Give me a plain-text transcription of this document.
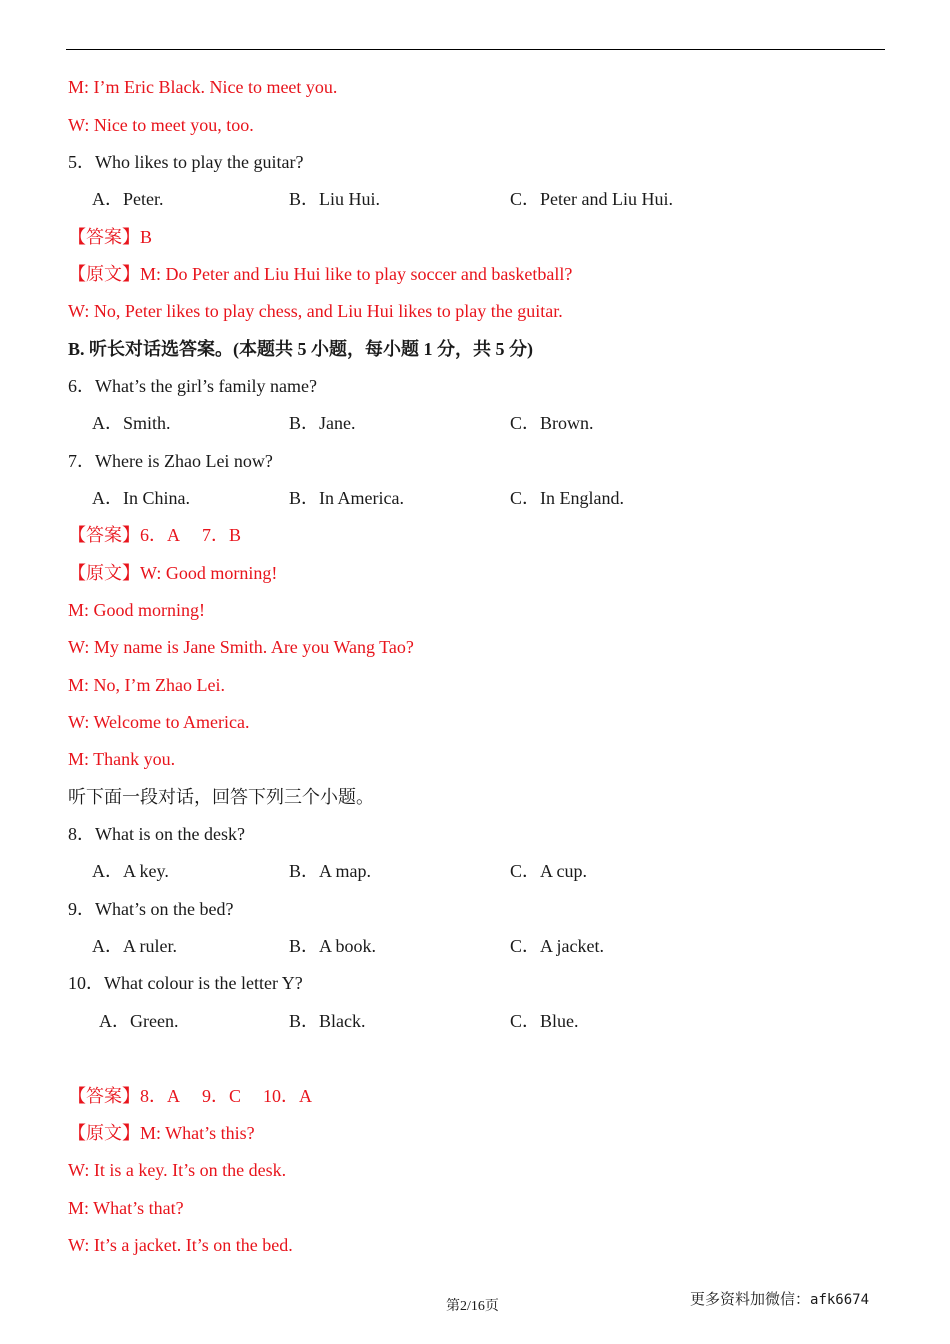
M: I’m Eric Black. Nice to meet you.
W: Nice to meet you, too.
5．Who likes to play the guitar?
A．Peter.	B．Liu Hui.	C．Peter and Liu Hui.
【答案】B
【原文】M: Do Peter and Liu Hui like to play soccer and basketball?
W: No, Peter likes to play chess, and Liu Hui likes to play the guitar.
B. 听长对话选答案。(本题共 5 小题，每小题 1 分，共 5 分)
6．What’s the girl’s family name?
A．Smith.	B．Jane.	C．Brown.
7．Where is Zhao Lei now?
A．In China.	B．In America.	C．In England.
【答案】6．A 7．B
【原文】W: Good morning!
M: Good morning!
W: My name is Jane Smith. Are you Wang Tao?
M: No, I’m Zhao Lei.
W: Welcome to America.
M: Thank you.
听下面一段对话，回答下列三个小题。
8．What is on the desk?
A．A key.	B．A map.	C．A cup.
9．What’s on the bed?
A．A ruler.	B．A book.	C．A jacket.
10．What colour is the letter Y?
A．Green.	B．Black.	C．Blue.
【答案】8．A 9．C 10．A
【原文】M: What’s this?
W: It is a key. It’s on the desk.
M: What’s that?
W: It’s a jacket. It’s on the bed.
第2/16页	更多资料加微信：afk6674
